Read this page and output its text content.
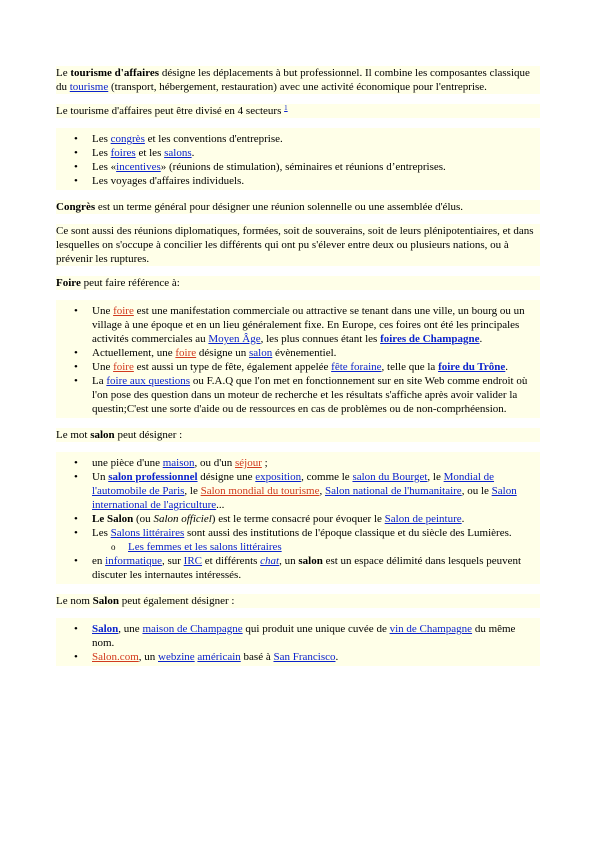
Le tourisme d'affaires désigne les déplacements à but professionnel. Il combine les composantes classique du tourisme (transport, hébergement, restauration) avec une activité économique pour l'entreprise.

Le tourisme d'affaires peut être divisé en 4 secteurs $^1$

• Les congrès et les conventions d'entreprise.
• Les foires et les salons.
• Les «incentives» (réunions de stimulation), séminaires et réunions d’entreprises.
• Les voyages d'affaires individuels.

Congrès est un terme général pour désigner une réunion solennelle ou une assemblée d'élus.

Ce sont aussi des réunions diplomatiques, formées, soit de souverains, soit de leurs plénipotentiaires, et dans lesquelles on s'occupe à concilier les différents qui ont pu s'élever entre deux ou plusieurs nations, ou à prévenir les ruptures.

Foire peut faire référence à:

• Une foire est une manifestation commerciale ou attractive se tenant dans une ville, un bourg ou un village à une époque et en un lieu généralement fixe. En Europe, ces foires ont été les principales activités commerciales au Moyen Âge, les plus connues étant les foires de Champagne.
• Actuellement, une foire désigne un salon évènementiel.
• Une foire est aussi un type de fête, également appelée fête foraine, telle que la foire du Trône.
• La foire aux questions ou F.A.Q que l'on met en fonctionnement sur en site Web comme endroit où l'on pose des question dans un moteur de recherche et les résultats s'affiche après avoir valider la questin;C'est une sorte d'aide ou de ressources en cas de problèmes ou de non-comprhéension.

Le mot salon peut désigner :

• une pièce d'une maison, ou d'un séjour ;
• Un salon professionnel désigne une exposition, comme le salon du Bourget, le Mondial de l'automobile de Paris, le Salon mondial du tourisme, Salon national de l'humanitaire, ou le Salon international de l'agriculture...
• Le Salon (ou Salon officiel) est le terme consacré pour évoquer le Salon de peinture.
• Les Salons littéraires sont aussi des institutions de l'époque classique et du siècle des Lumières.
o Les femmes et les salons littéraires
• en informatique, sur IRC et différents chat, un salon est un espace délimité dans lesquels peuvent discuter les internautes intéressés.

Le nom Salon peut également désigner :

• Salon, une maison de Champagne qui produit une unique cuvée de vin de Champagne du même nom.
• Salon.com, un webzine américain basé à San Francisco.
